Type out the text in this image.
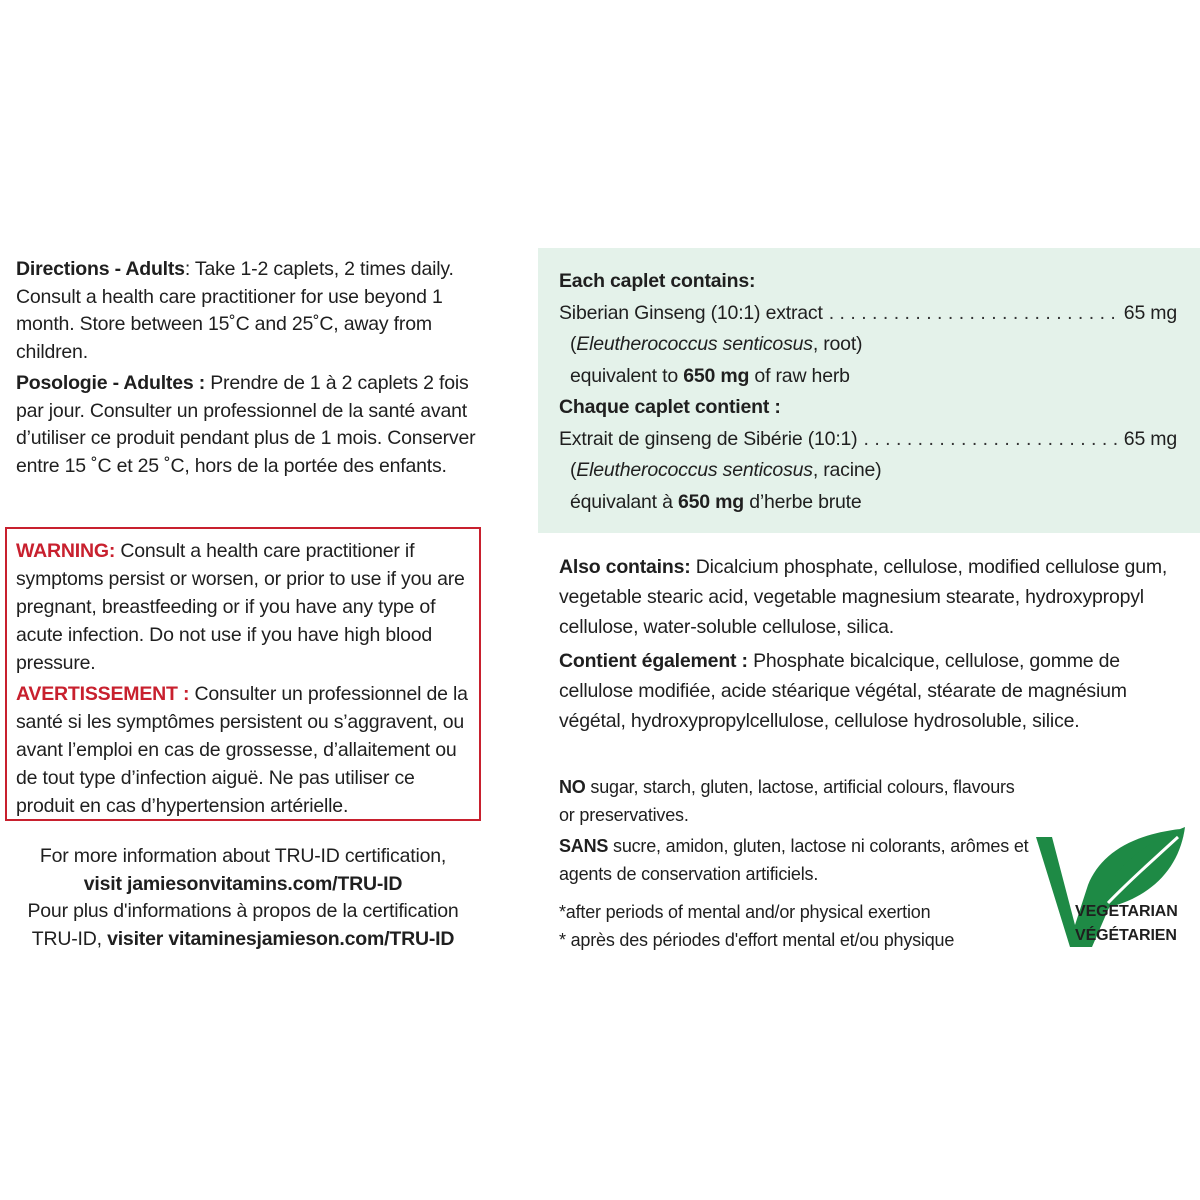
Directions - Adults: Take 1-2 caplets, 2 times daily. Consult a health care practitioner for use beyond 1 month. Store between 15˚C and 25˚C, away from children.

Posologie - Adultes : Prendre de 1 à 2 caplets 2 fois par jour. Consulter un professionnel de la santé avant d’utiliser ce produit pendant plus de 1 mois. Conserver entre 15 ˚C et 25 ˚C, hors de la portée des enfants.

WARNING: Consult a health care practitioner if symptoms persist or worsen, or prior to use if you are pregnant, breastfeeding or if you have any type of acute infection. Do not use if you have high blood pressure.

AVERTISSEMENT : Consulter un professionnel de la santé si les symptômes persistent ou s’aggravent, ou avant l’emploi en cas de grossesse, d’allaitement ou de tout type d’infection aiguë. Ne pas utiliser ce produit en cas d’hypertension artérielle.

For more information about TRU-ID certification,
visit jamiesonvitamins.com/TRU-ID
Pour plus d'informations à propos de la certification
TRU-ID, visiter vitaminesjamieson.com/TRU-ID
Each caplet contains:
Siberian Ginseng (10:1) extract . . .	65 mg
(Eleutherococcus senticosus, root)
equivalent to 650 mg of raw herb
Chaque caplet contient :
Extrait de ginseng de Sibérie (10:1) . . .	65 mg
(Eleutherococcus senticosus, racine)
équivalant à 650 mg d’herbe brute

Also contains: Dicalcium phosphate, cellulose, modified cellulose gum, vegetable stearic acid, vegetable magnesium stearate, hydroxypropyl cellulose, water-soluble cellulose, silica.

Contient également : Phosphate bicalcique, cellulose, gomme de cellulose modifiée, acide stéarique végétal, stéarate de magnésium végétal, hydroxypropylcellulose, cellulose hydrosoluble, silice.

NO sugar, starch, gluten, lactose, artificial colours, flavours or preservatives.

SANS sucre, amidon, gluten, lactose ni colorants, arômes et agents de conservation artificiels.

*after periods of mental and/or physical exertion
* après des périodes d'effort mental et/ou physique
VEGETARIAN
VÉGÉTARIEN
